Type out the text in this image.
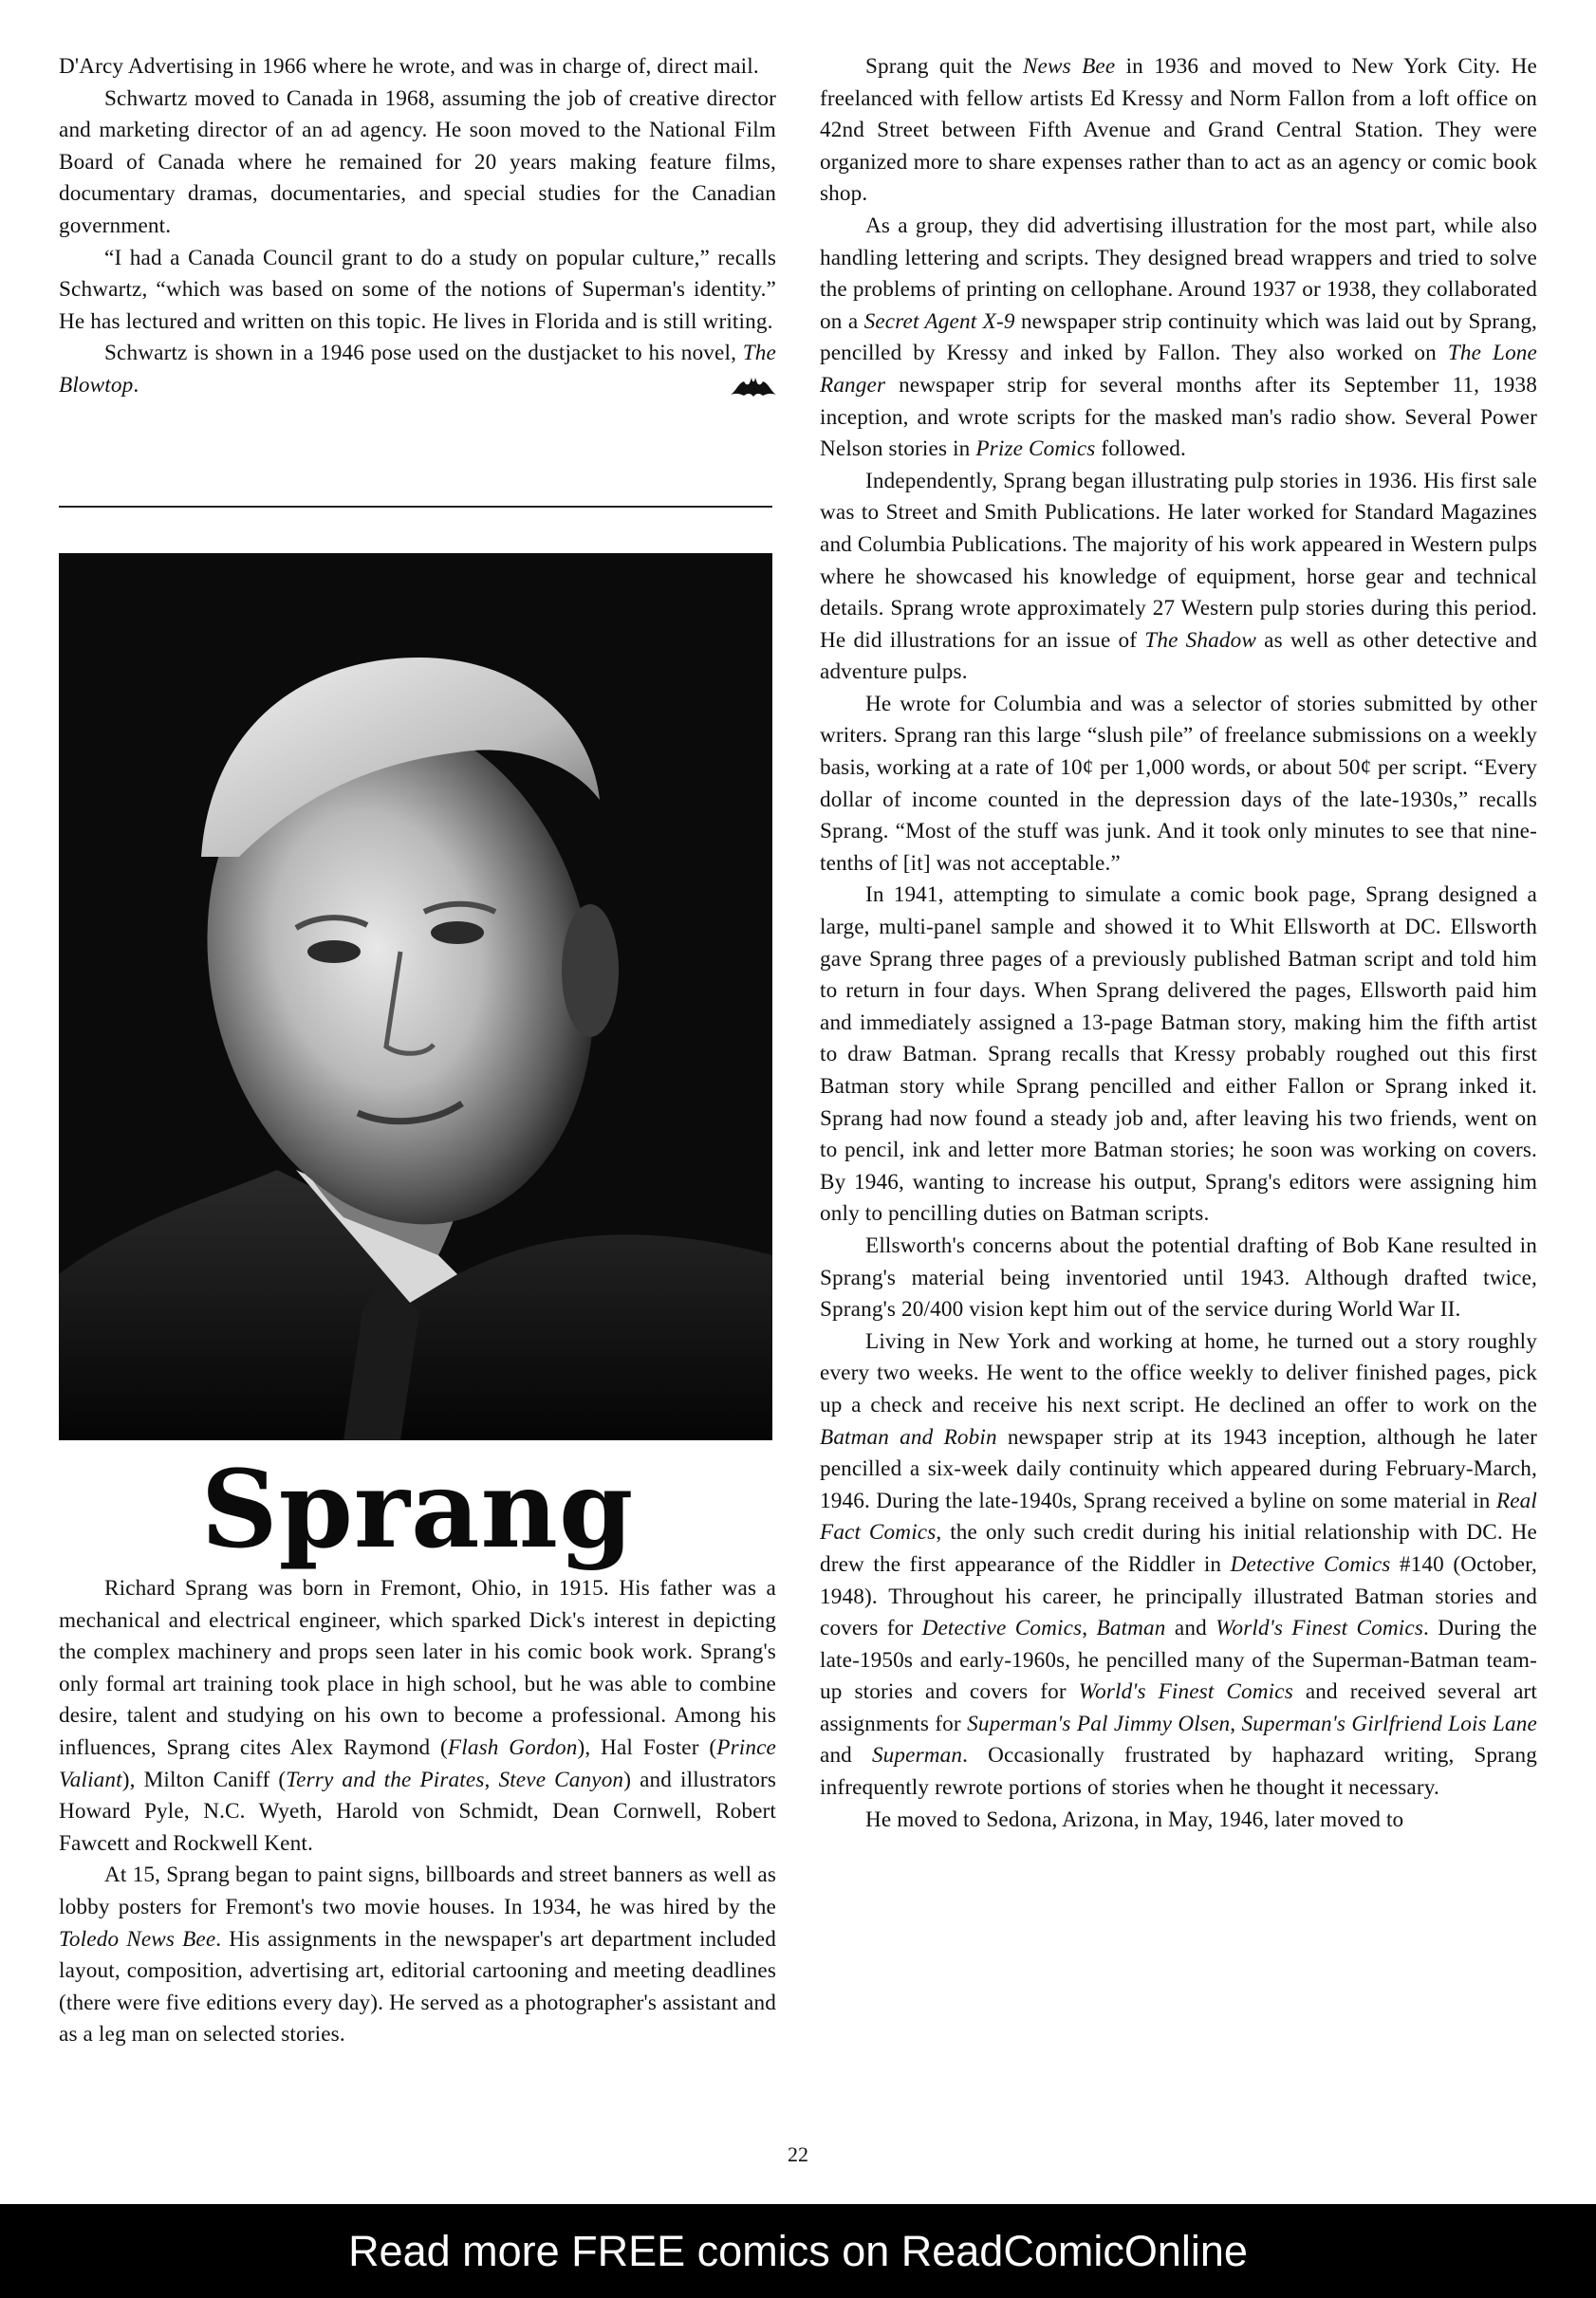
D'Arcy Advertising in 1966 where he wrote, and was in charge of, direct mail.

Schwartz moved to Canada in 1968, assuming the job of creative director and marketing director of an ad agency. He soon moved to the National Film Board of Canada where he remained for 20 years making feature films, documentary dramas, documentaries, and special studies for the Canadian government.

“I had a Canada Council grant to do a study on popular culture,” recalls Schwartz, “which was based on some of the notions of Superman's identity.” He has lectured and written on this topic. He lives in Florida and is still writing.

Schwartz is shown in a 1946 pose used on the dustjacket to his novel, The Blowtop.

Sprang

Richard Sprang was born in Fremont, Ohio, in 1915. His father was a mechanical and electrical engineer, which sparked Dick's interest in depicting the complex machinery and props seen later in his comic book work. Sprang's only formal art training took place in high school, but he was able to combine desire, talent and studying on his own to become a professional. Among his influences, Sprang cites Alex Raymond (Flash Gordon), Hal Foster (Prince Valiant), Milton Caniff (Terry and the Pirates, Steve Canyon) and illustrators Howard Pyle, N.C. Wyeth, Harold von Schmidt, Dean Cornwell, Robert Fawcett and Rockwell Kent.

At 15, Sprang began to paint signs, billboards and street banners as well as lobby posters for Fremont's two movie houses. In 1934, he was hired by the Toledo News Bee. His assignments in the newspaper's art department included layout, composition, advertising art, editorial cartooning and meeting deadlines (there were five editions every day). He served as a photographer's assistant and as a leg man on selected stories.

Sprang quit the News Bee in 1936 and moved to New York City. He freelanced with fellow artists Ed Kressy and Norm Fallon from a loft office on 42nd Street between Fifth Avenue and Grand Central Station. They were organized more to share expenses rather than to act as an agency or comic book shop.

As a group, they did advertising illustration for the most part, while also handling lettering and scripts. They designed bread wrappers and tried to solve the problems of printing on cellophane. Around 1937 or 1938, they collaborated on a Secret Agent X-9 newspaper strip continuity which was laid out by Sprang, pencilled by Kressy and inked by Fallon. They also worked on The Lone Ranger newspaper strip for several months after its September 11, 1938 inception, and wrote scripts for the masked man's radio show. Several Power Nelson stories in Prize Comics followed.

Independently, Sprang began illustrating pulp stories in 1936. His first sale was to Street and Smith Publications. He later worked for Standard Magazines and Columbia Publications. The majority of his work appeared in Western pulps where he showcased his knowledge of equipment, horse gear and technical details. Sprang wrote approximately 27 Western pulp stories during this period. He did illustrations for an issue of The Shadow as well as other detective and adventure pulps.

He wrote for Columbia and was a selector of stories submitted by other writers. Sprang ran this large “slush pile” of freelance submissions on a weekly basis, working at a rate of 10¢ per 1,000 words, or about 50¢ per script. “Every dollar of income counted in the depression days of the late-1930s,” recalls Sprang. “Most of the stuff was junk. And it took only minutes to see that nine-tenths of [it] was not acceptable.”

In 1941, attempting to simulate a comic book page, Sprang designed a large, multi-panel sample and showed it to Whit Ellsworth at DC. Ellsworth gave Sprang three pages of a previously published Batman script and told him to return in four days. When Sprang delivered the pages, Ellsworth paid him and immediately assigned a 13-page Batman story, making him the fifth artist to draw Batman. Sprang recalls that Kressy probably roughed out this first Batman story while Sprang pencilled and either Fallon or Sprang inked it. Sprang had now found a steady job and, after leaving his two friends, went on to pencil, ink and letter more Batman stories; he soon was working on covers. By 1946, wanting to increase his output, Sprang's editors were assigning him only to pencilling duties on Batman scripts.

Ellsworth's concerns about the potential drafting of Bob Kane resulted in Sprang's material being inventoried until 1943. Although drafted twice, Sprang's 20/400 vision kept him out of the service during World War II.

Living in New York and working at home, he turned out a story roughly every two weeks. He went to the office weekly to deliver finished pages, pick up a check and receive his next script. He declined an offer to work on the Batman and Robin newspaper strip at its 1943 inception, although he later pencilled a six-week daily continuity which appeared during February-March, 1946. During the late-1940s, Sprang received a byline on some material in Real Fact Comics, the only such credit during his initial relationship with DC. He drew the first appearance of the Riddler in Detective Comics #140 (October, 1948). Throughout his career, he principally illustrated Batman stories and covers for Detective Comics, Batman and World's Finest Comics. During the late-1950s and early-1960s, he pencilled many of the Superman-Batman team-up stories and covers for World's Finest Comics and received several art assignments for Superman's Pal Jimmy Olsen, Superman's Girlfriend Lois Lane and Superman. Occasionally frustrated by haphazard writing, Sprang infrequently rewrote portions of stories when he thought it necessary.

He moved to Sedona, Arizona, in May, 1946, later moved to

22
Read more FREE comics on ReadComicOnline
